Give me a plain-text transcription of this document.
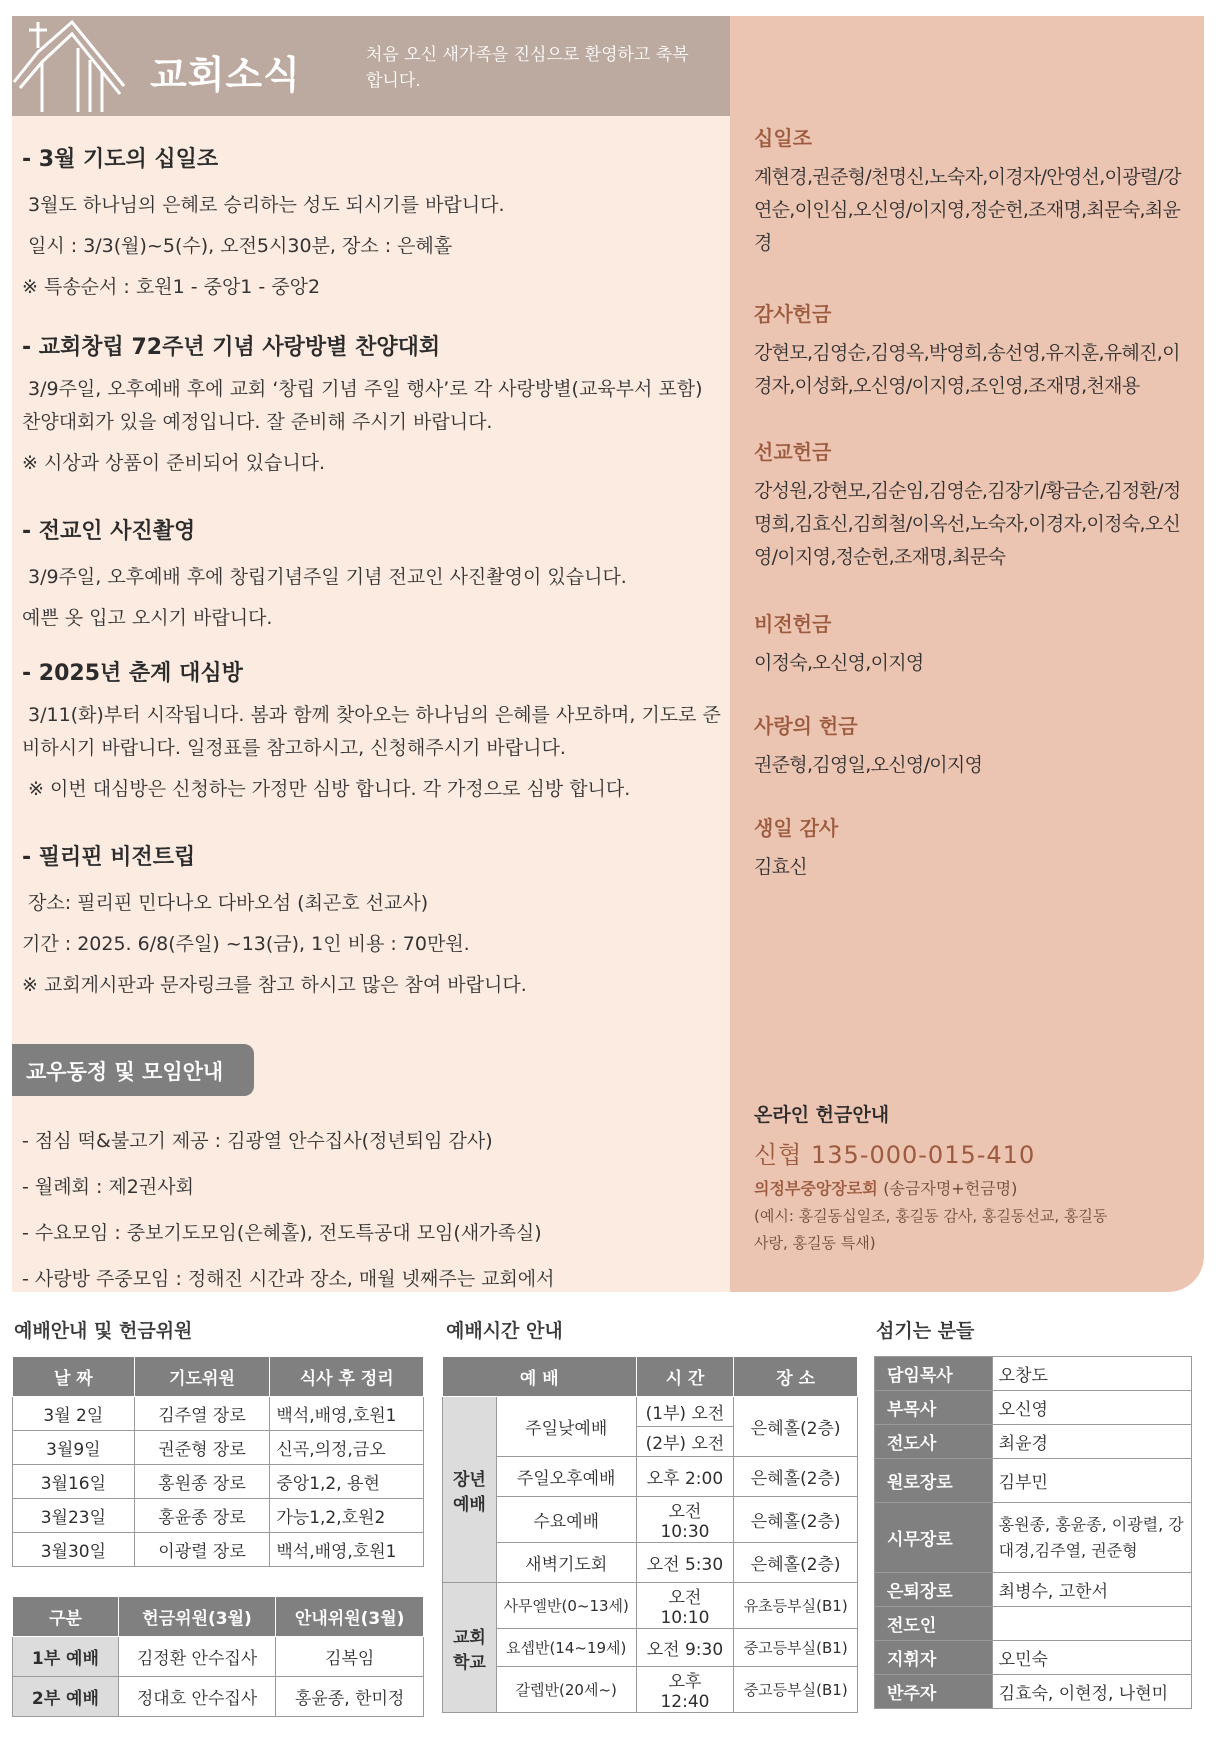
교회소식	처음 오신 새가족을 진심으로 환영하고 축복합니다.
- 3월 기도의 십일조

3월도 하나님의 은혜로 승리하는 성도 되시기를 바랍니다.

일시 : 3/3(월)~5(수), 오전5시30분, 장소 : 은혜홀

※ 특송순서 : 호원1 - 중앙1 - 중앙2

- 교회창립 72주년 기념 사랑방별 찬양대회

3/9주일, 오후예배 후에 교회 ‘창립 기념 주일 행사’로 각 사랑방별(교육부서 포함) 찬양대회가 있을 예정입니다. 잘 준비해 주시기 바랍니다.

※ 시상과 상품이 준비되어 있습니다.

- 전교인 사진촬영

3/9주일, 오후예배 후에 창립기념주일 기념 전교인 사진촬영이 있습니다.

예쁜 옷 입고 오시기 바랍니다.

- 2025년 춘계 대심방

3/11(화)부터 시작됩니다. 봄과 함께 찾아오는 하나님의 은혜를 사모하며, 기도로 준비하시기 바랍니다. 일정표를 참고하시고, 신청해주시기 바랍니다.

※ 이번 대심방은 신청하는 가정만 심방 합니다. 각 가정으로 심방 합니다.

- 필리핀 비전트립

장소: 필리핀 민다나오 다바오섬 (최곤호 선교사)

기간 : 2025. 6/8(주일) ~13(금), 1인 비용 : 70만원.

※ 교회게시판과 문자링크를 참고 하시고 많은 참여 바랍니다.

교우동정 및 모임안내

- 점심 떡&불고기 제공 : 김광열 안수집사(정년퇴임 감사)

- 월례회 : 제2권사회

- 수요모임 : 중보기도모임(은혜홀), 전도특공대 모임(새가족실)

- 사랑방 주중모임 : 정해진 시간과 장소, 매월 넷째주는 교회에서

십일조

계현경,권준형/천명신,노숙자,이경자/안영선,이광렬/강연순,이인심,오신영/이지영,정순헌,조재명,최문숙,최윤경

감사헌금

강현모,김영순,김영옥,박영희,송선영,유지훈,유혜진,이경자,이성화,오신영/이지영,조인영,조재명,천재용

선교헌금

강성원,강현모,김순임,김영순,김장기/황금순,김정환/정명희,김효신,김희철/이옥선,노숙자,이경자,이정숙,오신영/이지영,정순헌,조재명,최문숙

비전헌금

이정숙,오신영,이지영

사랑의 헌금

권준형,김영일,오신영/이지영

생일 감사

김효신

온라인 헌금안내
신협 135-000-015-410
의정부중앙장로회 (송금자명+헌금명)
(예시: 홍길동십일조, 홍길동 감사, 홍길동선교, 홍길동사랑, 홍길동 특새)
예배안내 및 헌금위원
날 짜	기도위원	식사 후 정리
3월 2일	김주열 장로	백석,배영,호원1
3월9일	권준형 장로	신곡,의정,금오
3월16일	홍원종 장로	중앙1,2, 용현
3월23일	홍윤종 장로	가능1,2,호원2
3월30일	이광렬 장로	백석,배영,호원1
구분	헌금위원(3월)	안내위원(3월)
1부 예배	김정환 안수집사	김복임
2부 예배	정대호 안수집사	홍윤종, 한미정
예배시간 안내
예 배		시 간	장 소
장년 예배	주일낮예배	(1부) 오전	은혜홀(2층)
		(2부) 오전	
	주일오후예배	오후 2:00	은혜홀(2층)
	수요예배	오전 10:30	은혜홀(2층)
	새벽기도회	오전 5:30	은혜홀(2층)
교회 학교	사무엘반(0~13세)	오전 10:10	유초등부실(B1)
	요셉반(14~19세)	오전 9:30	중고등부실(B1)
	갈렙반(20세~)	오후 12:40	중고등부실(B1)
섬기는 분들
담임목사	오창도
부목사	오신영
전도사	최윤경
원로장로	김부민
시무장로	홍원종, 홍윤종, 이광렬, 강대경,김주열, 권준형
은퇴장로	최병수, 고한서
전도인	
지휘자	오민숙
반주자	김효숙, 이현정, 나현미
